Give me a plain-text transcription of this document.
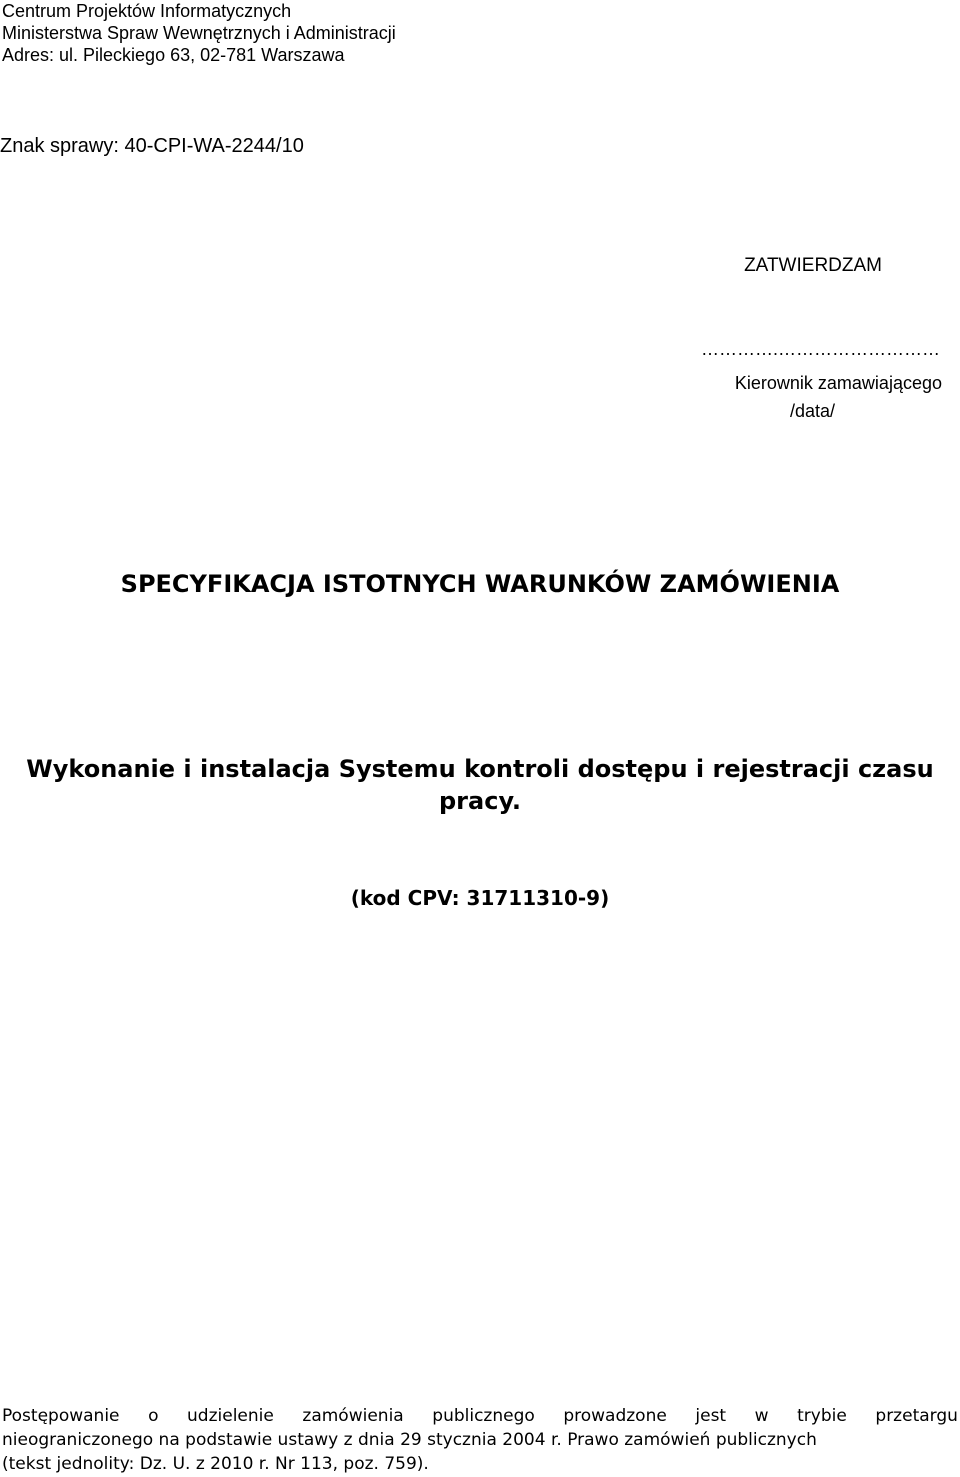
Centrum Projektów Informatycznych
Ministerstwa Spraw Wewnętrznych i Administracji
Adres: ul. Pileckiego 63, 02-781 Warszawa
Znak sprawy: 40-CPI-WA-2244/10
ZATWIERDZAM
………….………………………
Kierownik zamawiającego
/data/
SPECYFIKACJA ISTOTNYCH WARUNKÓW ZAMÓWIENIA
Wykonanie i instalacja Systemu kontroli dostępu i rejestracji czasu
pracy.
(kod CPV: 31711310-9)
Postępowanie o udzielenie zamówienia publicznego prowadzone jest w trybie przetargu
nieograniczonego na podstawie ustawy z dnia 29 stycznia 2004 r. Prawo zamówień publicznych
(tekst jednolity: Dz. U. z 2010 r. Nr 113, poz. 759).
